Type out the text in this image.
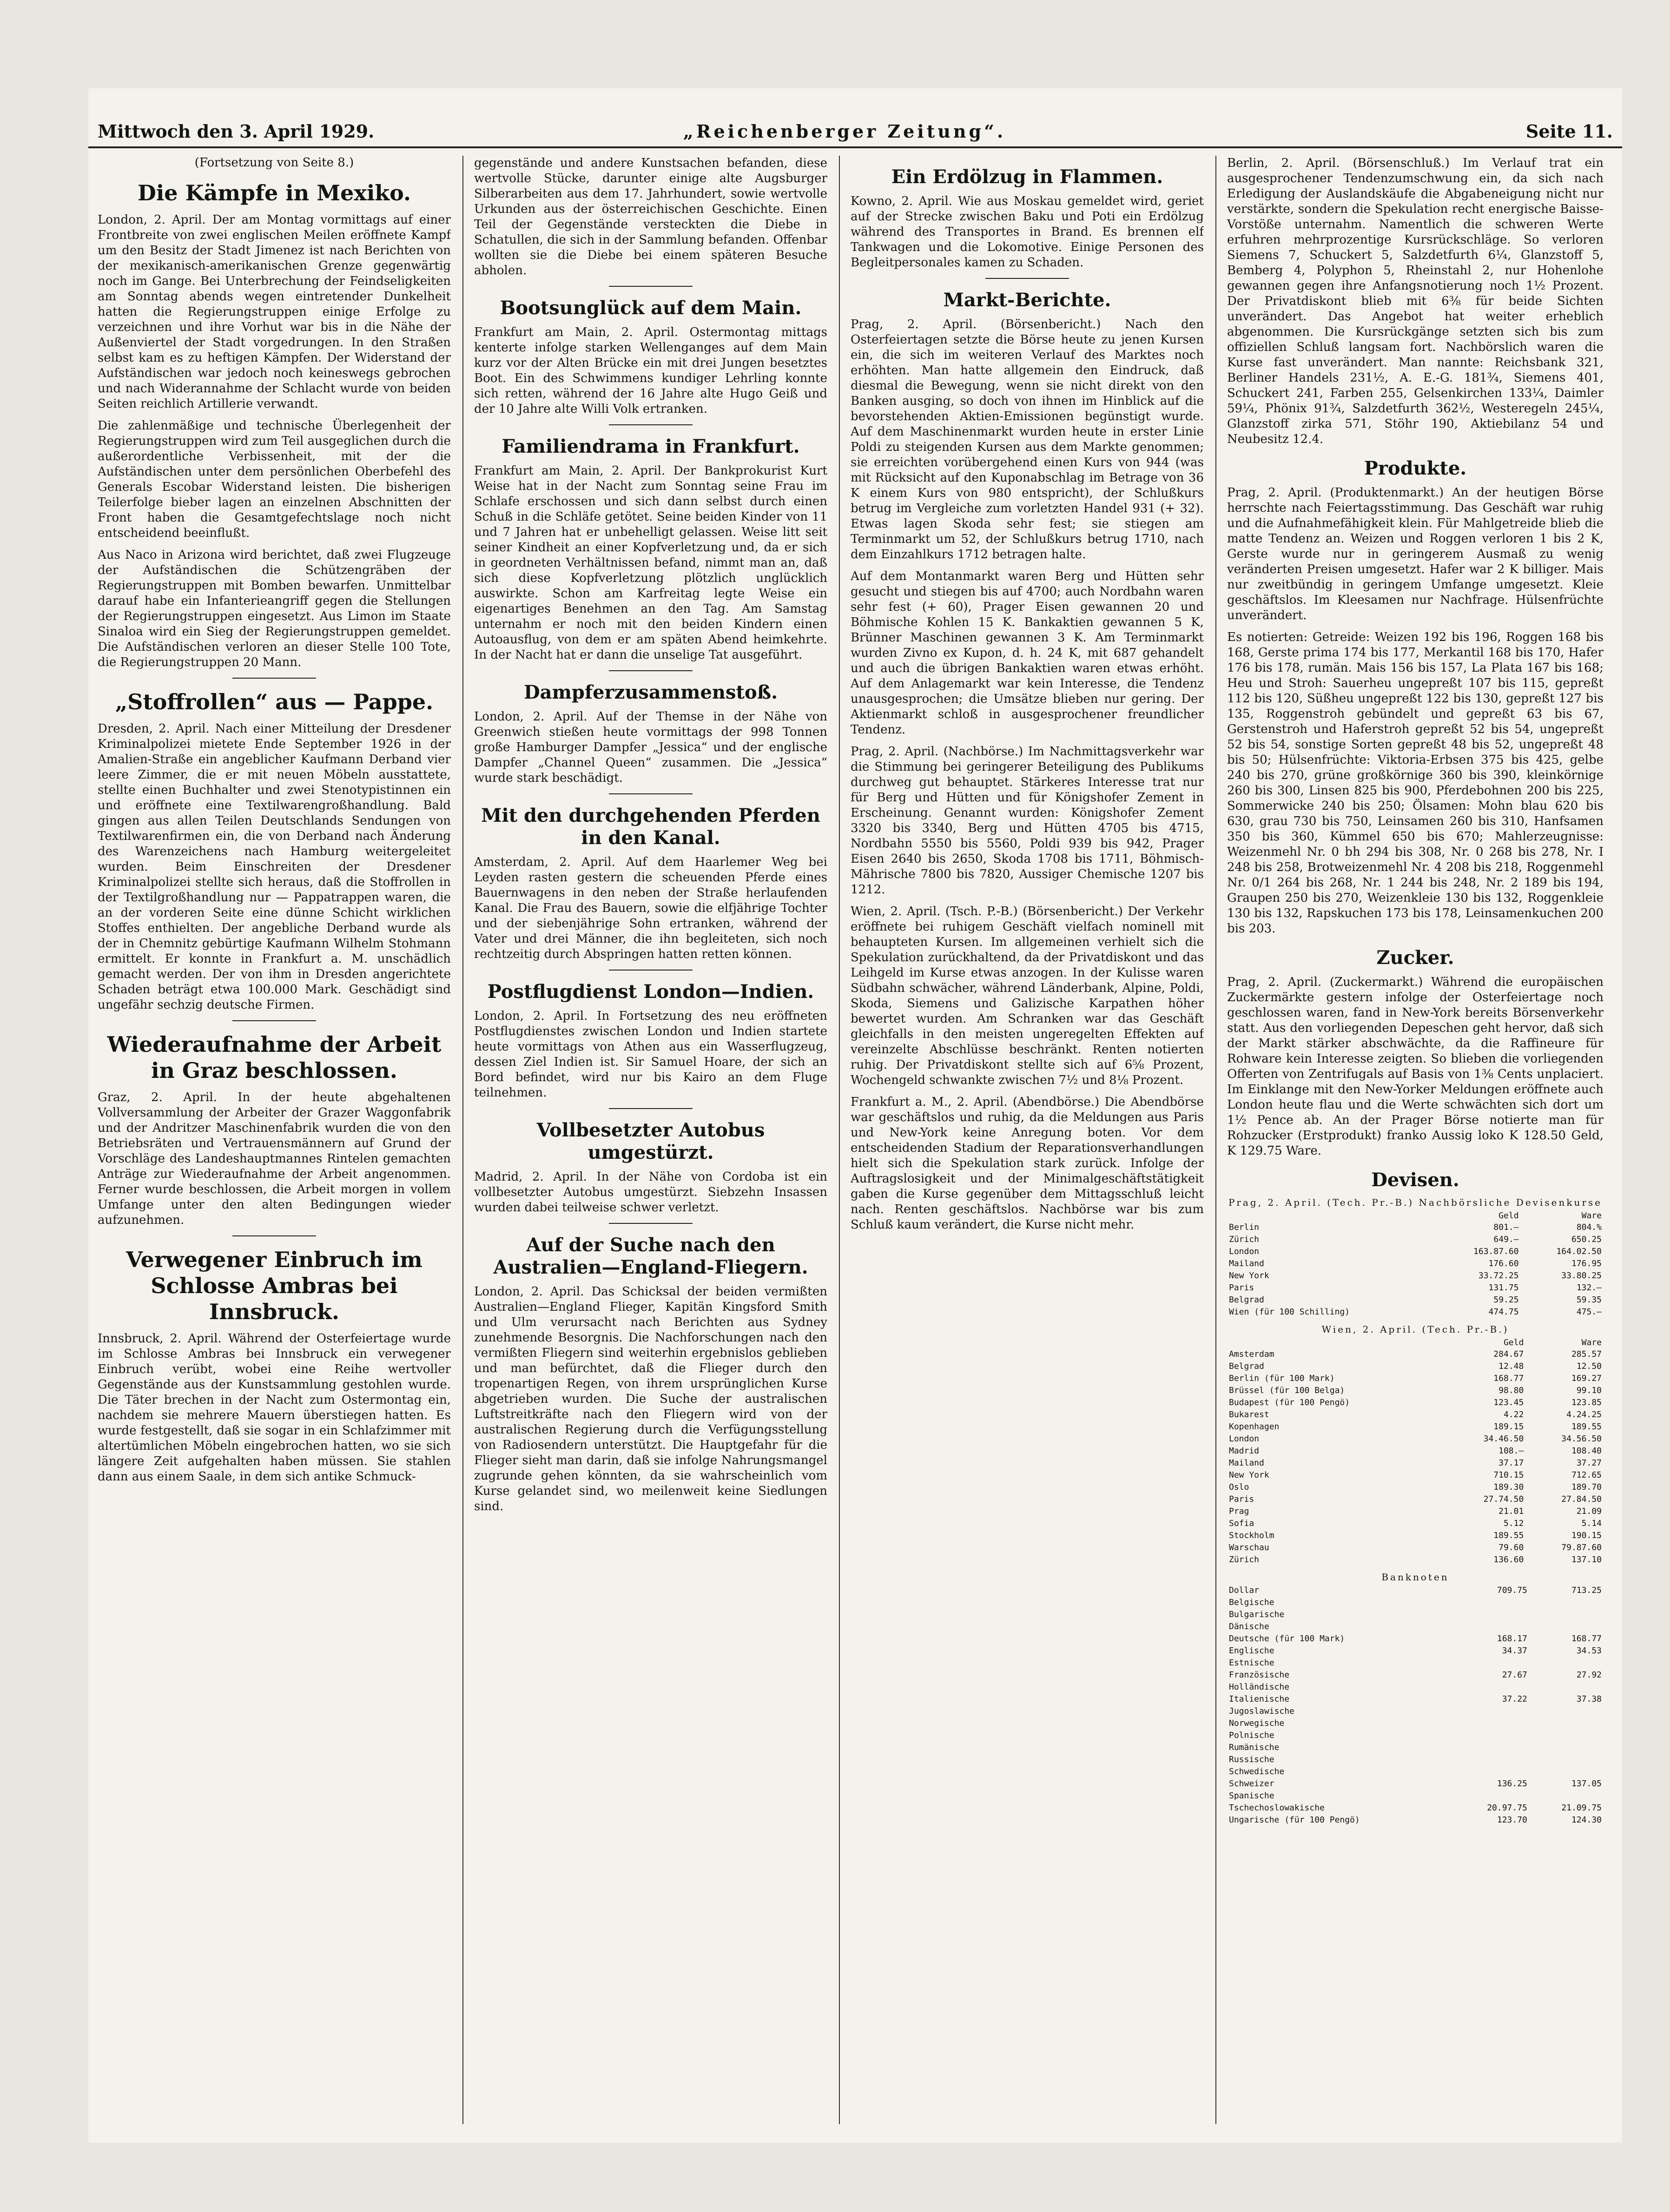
Mittwoch den 3. April 1929.	„Reichenberger Zeitung“.	Seite 11.
(Fortsetzung von Seite 8.)
Die Kämpfe in Mexiko.

London, 2. April. Der am Montag vormittags auf einer Frontbreite von zwei englischen Meilen eröffnete Kampf um den Besitz der Stadt Jimenez ist nach Berichten von der mexikanisch-amerikanischen Grenze gegenwärtig noch im Gange. Bei Unterbrechung der Feindseligkeiten am Sonntag abends wegen eintretender Dunkelheit hatten die Regierungstruppen einige Erfolge zu verzeichnen und ihre Vorhut war bis in die Nähe der Außenviertel der Stadt vorgedrungen. In den Straßen selbst kam es zu heftigen Kämpfen. Der Widerstand der Aufständischen war jedoch noch keineswegs gebrochen und nach Widerannahme der Schlacht wurde von beiden Seiten reichlich Artillerie verwandt.

Die zahlenmäßige und technische Überlegenheit der Regierungstruppen wird zum Teil ausgeglichen durch die außerordentliche Verbissenheit, mit der die Aufständischen unter dem persönlichen Oberbefehl des Generals Escobar Widerstand leisten. Die bisherigen Teilerfolge bieber lagen an einzelnen Abschnitten der Front haben die Gesamtgefechtslage noch nicht entscheidend beeinflußt.

Aus Naco in Arizona wird berichtet, daß zwei Flugzeuge der Aufständischen die Schützengräben der Regierungstruppen mit Bomben bewarfen. Unmittelbar darauf habe ein Infanterieangriff gegen die Stellungen der Regierungstruppen eingesetzt. Aus Limon im Staate Sinaloa wird ein Sieg der Regierungstruppen gemeldet. Die Aufständischen verloren an dieser Stelle 100 Tote, die Regierungstruppen 20 Mann.

„Stoffrollen“ aus — Pappe.

Dresden, 2. April. Nach einer Mitteilung der Dresdener Kriminalpolizei mietete Ende September 1926 in der Amalien-Straße ein angeblicher Kaufmann Derband vier leere Zimmer, die er mit neuen Möbeln ausstattete, stellte einen Buchhalter und zwei Stenotypistinnen ein und eröffnete eine Textilwarengroßhandlung. Bald gingen aus allen Teilen Deutschlands Sendungen von Textilwarenfirmen ein, die von Derband nach Änderung des Warenzeichens nach Hamburg weitergeleitet wurden. Beim Einschreiten der Dresdener Kriminalpolizei stellte sich heraus, daß die Stoffrollen in der Textilgroßhandlung nur — Pappatrappen waren, die an der vorderen Seite eine dünne Schicht wirklichen Stoffes enthielten. Der angebliche Derband wurde als der in Chemnitz gebürtige Kaufmann Wilhelm Stohmann ermittelt. Er konnte in Frankfurt a. M. unschädlich gemacht werden. Der von ihm in Dresden angerichtete Schaden beträgt etwa 100.000 Mark. Geschädigt sind ungefähr sechzig deutsche Firmen.

Wiederaufnahme der Arbeit in Graz beschlossen.

Graz, 2. April. In der heute abgehaltenen Vollversammlung der Arbeiter der Grazer Waggonfabrik und der Andritzer Maschinenfabrik wurden die von den Betriebsräten und Vertrauensmännern auf Grund der Vorschläge des Landeshauptmannes Rintelen gemachten Anträge zur Wiederaufnahme der Arbeit angenommen. Ferner wurde beschlossen, die Arbeit morgen in vollem Umfange unter den alten Bedingungen wieder aufzunehmen.

Verwegener Einbruch im Schlosse Ambras bei Innsbruck.

Innsbruck, 2. April. Während der Osterfeiertage wurde im Schlosse Ambras bei Innsbruck ein verwegener Einbruch verübt, wobei eine Reihe wertvoller Gegenstände aus der Kunstsammlung gestohlen wurde. Die Täter brechen in der Nacht zum Ostermontag ein, nachdem sie mehrere Mauern überstiegen hatten. Es wurde festgestellt, daß sie sogar in ein Schlafzimmer mit altertümlichen Möbeln eingebrochen hatten, wo sie sich längere Zeit aufgehalten haben müssen. Sie stahlen dann aus einem Saale, in dem sich antike Schmuck-

gegenstände und andere Kunstsachen befanden, diese wertvolle Stücke, darunter einige alte Augsburger Silberarbeiten aus dem 17. Jahrhundert, sowie wertvolle Urkunden aus der österreichischen Geschichte. Einen Teil der Gegenstände versteckten die Diebe in Schatullen, die sich in der Sammlung befanden. Offenbar wollten sie die Diebe bei einem späteren Besuche abholen.

Bootsunglück auf dem Main.

Frankfurt am Main, 2. April. Ostermontag mittags kenterte infolge starken Wellenganges auf dem Main kurz vor der Alten Brücke ein mit drei Jungen besetztes Boot. Ein des Schwimmens kundiger Lehrling konnte sich retten, während der 16 Jahre alte Hugo Geiß und der 10 Jahre alte Willi Volk ertranken.

Familiendrama in Frankfurt.

Frankfurt am Main, 2. April. Der Bankprokurist Kurt Weise hat in der Nacht zum Sonntag seine Frau im Schlafe erschossen und sich dann selbst durch einen Schuß in die Schläfe getötet. Seine beiden Kinder von 11 und 7 Jahren hat er unbehelligt gelassen. Weise litt seit seiner Kindheit an einer Kopfverletzung und, da er sich in geordneten Verhältnissen befand, nimmt man an, daß sich diese Kopfverletzung plötzlich unglücklich auswirkte. Schon am Karfreitag legte Weise ein eigenartiges Benehmen an den Tag. Am Samstag unternahm er noch mit den beiden Kindern einen Autoausflug, von dem er am späten Abend heimkehrte. In der Nacht hat er dann die unselige Tat ausgeführt.

Dampferzusammenstoß.

London, 2. April. Auf der Themse in der Nähe von Greenwich stießen heute vormittags der 998 Tonnen große Hamburger Dampfer „Jessica“ und der englische Dampfer „Channel Queen“ zusammen. Die „Jessica“ wurde stark beschädigt.

Mit den durchgehenden Pferden in den Kanal.

Amsterdam, 2. April. Auf dem Haarlemer Weg bei Leyden rasten gestern die scheuenden Pferde eines Bauernwagens in den neben der Straße herlaufenden Kanal. Die Frau des Bauern, sowie die elfjährige Tochter und der siebenjährige Sohn ertranken, während der Vater und drei Männer, die ihn begleiteten, sich noch rechtzeitig durch Abspringen hatten retten können.

Postflugdienst London—Indien.

London, 2. April. In Fortsetzung des neu eröffneten Postflugdienstes zwischen London und Indien startete heute vormittags von Athen aus ein Wasserflugzeug, dessen Ziel Indien ist. Sir Samuel Hoare, der sich an Bord befindet, wird nur bis Kairo an dem Fluge teilnehmen.

Vollbesetzter Autobus umgestürzt.

Madrid, 2. April. In der Nähe von Cordoba ist ein vollbesetzter Autobus umgestürzt. Siebzehn Insassen wurden dabei teilweise schwer verletzt.

Auf der Suche nach den Australien—England-Fliegern.

London, 2. April. Das Schicksal der beiden vermißten Australien—England Flieger, Kapitän Kingsford Smith und Ulm verursacht nach Berichten aus Sydney zunehmende Besorgnis. Die Nachforschungen nach den vermißten Fliegern sind weiterhin ergebnislos geblieben und man befürchtet, daß die Flieger durch den tropenartigen Regen, von ihrem ursprünglichen Kurse abgetrieben wurden. Die Suche der australischen Luftstreitkräfte nach den Fliegern wird von der australischen Regierung durch die Verfügungsstellung von Radiosendern unterstützt. Die Hauptgefahr für die Flieger sieht man darin, daß sie infolge Nahrungsmangel zugrunde gehen könnten, da sie wahrscheinlich vom Kurse gelandet sind, wo meilenweit keine Siedlungen sind.

Ein Erdölzug in Flammen.

Kowno, 2. April. Wie aus Moskau gemeldet wird, geriet auf der Strecke zwischen Baku und Poti ein Erdölzug während des Transportes in Brand. Es brennen elf Tankwagen und die Lokomotive. Einige Personen des Begleitpersonales kamen zu Schaden.

Markt-Berichte.

Prag, 2. April. (Börsenbericht.) Nach den Osterfeiertagen setzte die Börse heute zu jenen Kursen ein, die sich im weiteren Verlauf des Marktes noch erhöhten. Man hatte allgemein den Eindruck, daß diesmal die Bewegung, wenn sie nicht direkt von den Banken ausging, so doch von ihnen im Hinblick auf die bevorstehenden Aktien-Emissionen begünstigt wurde. Auf dem Maschinenmarkt wurden heute in erster Linie Poldi zu steigenden Kursen aus dem Markte genommen; sie erreichten vorübergehend einen Kurs von 944 (was mit Rücksicht auf den Kuponabschlag im Betrage von 36 K einem Kurs von 980 entspricht), der Schlußkurs betrug im Vergleiche zum vorletzten Handel 931 (+ 32). Etwas lagen Skoda sehr fest; sie stiegen am Terminmarkt um 52, der Schlußkurs betrug 1710, nach dem Einzahlkurs 1712 betragen halte.

Auf dem Montanmarkt waren Berg und Hütten sehr gesucht und stiegen bis auf 4700; auch Nordbahn waren sehr fest (+ 60), Prager Eisen gewannen 20 und Böhmische Kohlen 15 K. Bankaktien gewannen 5 K, Brünner Maschinen gewannen 3 K. Am Terminmarkt wurden Zivno ex Kupon, d. h. 24 K, mit 687 gehandelt und auch die übrigen Bankaktien waren etwas erhöht. Auf dem Anlagemarkt war kein Interesse, die Tendenz unausgesprochen; die Umsätze blieben nur gering. Der Aktienmarkt schloß in ausgesprochener freundlicher Tendenz.

Prag, 2. April. (Nachbörse.) Im Nachmittagsverkehr war die Stimmung bei geringerer Beteiligung des Publikums durchweg gut behauptet. Stärkeres Interesse trat nur für Berg und Hütten und für Königshofer Zement in Erscheinung. Genannt wurden: Königshofer Zement 3320 bis 3340, Berg und Hütten 4705 bis 4715, Nordbahn 5550 bis 5560, Poldi 939 bis 942, Prager Eisen 2640 bis 2650, Skoda 1708 bis 1711, Böhmisch-Mährische 7800 bis 7820, Aussiger Chemische 1207 bis 1212.

Wien, 2. April. (Tsch. P.-B.) (Börsenbericht.) Der Verkehr eröffnete bei ruhigem Geschäft vielfach nominell mit behaupteten Kursen. Im allgemeinen verhielt sich die Spekulation zurückhaltend, da der Privatdiskont und das Leihgeld im Kurse etwas anzogen. In der Kulisse waren Südbahn schwächer, während Länderbank, Alpine, Poldi, Skoda, Siemens und Galizische Karpathen höher bewertet wurden. Am Schranken war das Geschäft gleichfalls in den meisten ungeregelten Effekten auf vereinzelte Abschlüsse beschränkt. Renten notierten ruhig. Der Privatdiskont stellte sich auf 6⅝ Prozent, Wochengeld schwankte zwischen 7½ und 8⅛ Prozent.

Frankfurt a. M., 2. April. (Abendbörse.) Die Abendbörse war geschäftslos und ruhig, da die Meldungen aus Paris und New-York keine Anregung boten. Vor dem entscheidenden Stadium der Reparationsverhandlungen hielt sich die Spekulation stark zurück. Infolge der Auftragslosigkeit und der Minimalgeschäftstätigkeit gaben die Kurse gegenüber dem Mittagsschluß leicht nach. Renten geschäftslos. Nachbörse war bis zum Schluß kaum verändert, die Kurse nicht mehr.

Berlin, 2. April. (Börsenschluß.) Im Verlauf trat ein ausgesprochener Tendenzumschwung ein, da sich nach Erledigung der Auslandskäufe die Abgabeneigung nicht nur verstärkte, sondern die Spekulation recht energische Baisse-Vorstöße unternahm. Namentlich die schweren Werte erfuhren mehrprozentige Kursrückschläge. So verloren Siemens 7, Schuckert 5, Salzdetfurth 6¼, Glanzstoff 5, Bemberg 4, Polyphon 5, Rheinstahl 2, nur Hohenlohe gewannen gegen ihre Anfangsnotierung noch 1½ Prozent. Der Privatdiskont blieb mit 6⅜ für beide Sichten unverändert. Das Angebot hat weiter erheblich abgenommen. Die Kursrückgänge setzten sich bis zum offiziellen Schluß langsam fort. Nachbörslich waren die Kurse fast unverändert. Man nannte: Reichsbank 321, Berliner Handels 231½, A. E.-G. 181¾, Siemens 401, Schuckert 241, Farben 255, Gelsenkirchen 133¼, Daimler 59¼, Phönix 91¾, Salzdetfurth 362½, Westeregeln 245¼, Glanzstoff zirka 571, Stöhr 190, Aktiebilanz 54 und Neubesitz 12.4.

Produkte.

Prag, 2. April. (Produktenmarkt.) An der heutigen Börse herrschte nach Feiertagsstimmung. Das Geschäft war ruhig und die Aufnahmefähigkeit klein. Für Mahlgetreide blieb die matte Tendenz an. Weizen und Roggen verloren 1 bis 2 K, Gerste wurde nur in geringerem Ausmaß zu wenig veränderten Preisen umgesetzt. Hafer war 2 K billiger. Mais nur zweitbündig in geringem Umfange umgesetzt. Kleie geschäftslos. Im Kleesamen nur Nachfrage. Hülsenfrüchte unverändert.

Es notierten: Getreide: Weizen 192 bis 196, Roggen 168 bis 168, Gerste prima 174 bis 177, Merkantil 168 bis 170, Hafer 176 bis 178, rumän. Mais 156 bis 157, La Plata 167 bis 168; Heu und Stroh: Sauerheu ungepreßt 107 bis 115, gepreßt 112 bis 120, Süßheu ungepreßt 122 bis 130, gepreßt 127 bis 135, Roggenstroh gebündelt und gepreßt 63 bis 67, Gerstenstroh und Haferstroh gepreßt 52 bis 54, ungepreßt 52 bis 54, sonstige Sorten gepreßt 48 bis 52, ungepreßt 48 bis 50; Hülsenfrüchte: Viktoria-Erbsen 375 bis 425, gelbe 240 bis 270, grüne großkörnige 360 bis 390, kleinkörnige 260 bis 300, Linsen 825 bis 900, Pferdebohnen 200 bis 225, Sommerwicke 240 bis 250; Ölsamen: Mohn blau 620 bis 630, grau 730 bis 750, Leinsamen 260 bis 310, Hanfsamen 350 bis 360, Kümmel 650 bis 670; Mahlerzeugnisse: Weizenmehl Nr. 0 bh 294 bis 308, Nr. 0 268 bis 278, Nr. I 248 bis 258, Brotweizenmehl Nr. 4 208 bis 218, Roggenmehl Nr. 0/1 264 bis 268, Nr. 1 244 bis 248, Nr. 2 189 bis 194, Graupen 250 bis 270, Weizenkleie 130 bis 132, Roggenkleie 130 bis 132, Rapskuchen 173 bis 178, Leinsamenkuchen 200 bis 203.

Zucker.

Prag, 2. April. (Zuckermarkt.) Während die europäischen Zuckermärkte gestern infolge der Osterfeiertage noch geschlossen waren, fand in New-York bereits Börsenverkehr statt. Aus den vorliegenden Depeschen geht hervor, daß sich der Markt stärker abschwächte, da die Raffineure für Rohware kein Interesse zeigten. So blieben die vorliegenden Offerten von Zentrifugals auf Basis von 1⅜ Cents unplaciert. Im Einklange mit den New-Yorker Meldungen eröffnete auch London heute flau und die Werte schwächten sich dort um 1½ Pence ab. An der Prager Börse notierte man für Rohzucker (Erstprodukt) franko Aussig loko K 128.50 Geld, K 129.75 Ware.

Devisen.
Prag, 2. April. (Tech. Pr.-B.) Nachbörsliche Devisenkurse
	Geld	Ware
Berlin	801.—	804.%
Zürich	649.—	650.25
London	163.87.60	164.02.50
Mailand	176.60	176.95
New York	33.72.25	33.80.25
Paris	131.75	132.—
Belgrad	59.25	59.35
Wien (für 100 Schilling)	474.75	475.—
Wien, 2. April. (Tech. Pr.-B.)
	Geld	Ware
Amsterdam	284.67	285.57
Belgrad	12.48	12.50
Berlin (für 100 Mark)	168.77	169.27
Brüssel (für 100 Belga)	98.80	99.10
Budapest (für 100 Pengö)	123.45	123.85
Bukarest	4.22	4.24.25
Kopenhagen	189.15	189.55
London	34.46.50	34.56.50
Madrid	108.—	108.40
Mailand	37.17	37.27
New York	710.15	712.65
Oslo	189.30	189.70
Paris	27.74.50	27.84.50
Prag	21.01	21.09
Sofia	5.12	5.14
Stockholm	189.55	190.15
Warschau	79.60	79.87.60
Zürich	136.60	137.10
Banknoten
Dollar	709.75	713.25
Belgische		
Bulgarische		
Dänische		
Deutsche (für 100 Mark)	168.17	168.77
Englische	34.37	34.53
Estnische		
Französische	27.67	27.92
Holländische		
Italienische	37.22	37.38
Jugoslawische		
Norwegische		
Polnische		
Rumänische		
Russische		
Schwedische		
Schweizer	136.25	137.05
Spanische		
Tschechoslowakische	20.97.75	21.09.75
Ungarische (für 100 Pengö)	123.70	124.30
